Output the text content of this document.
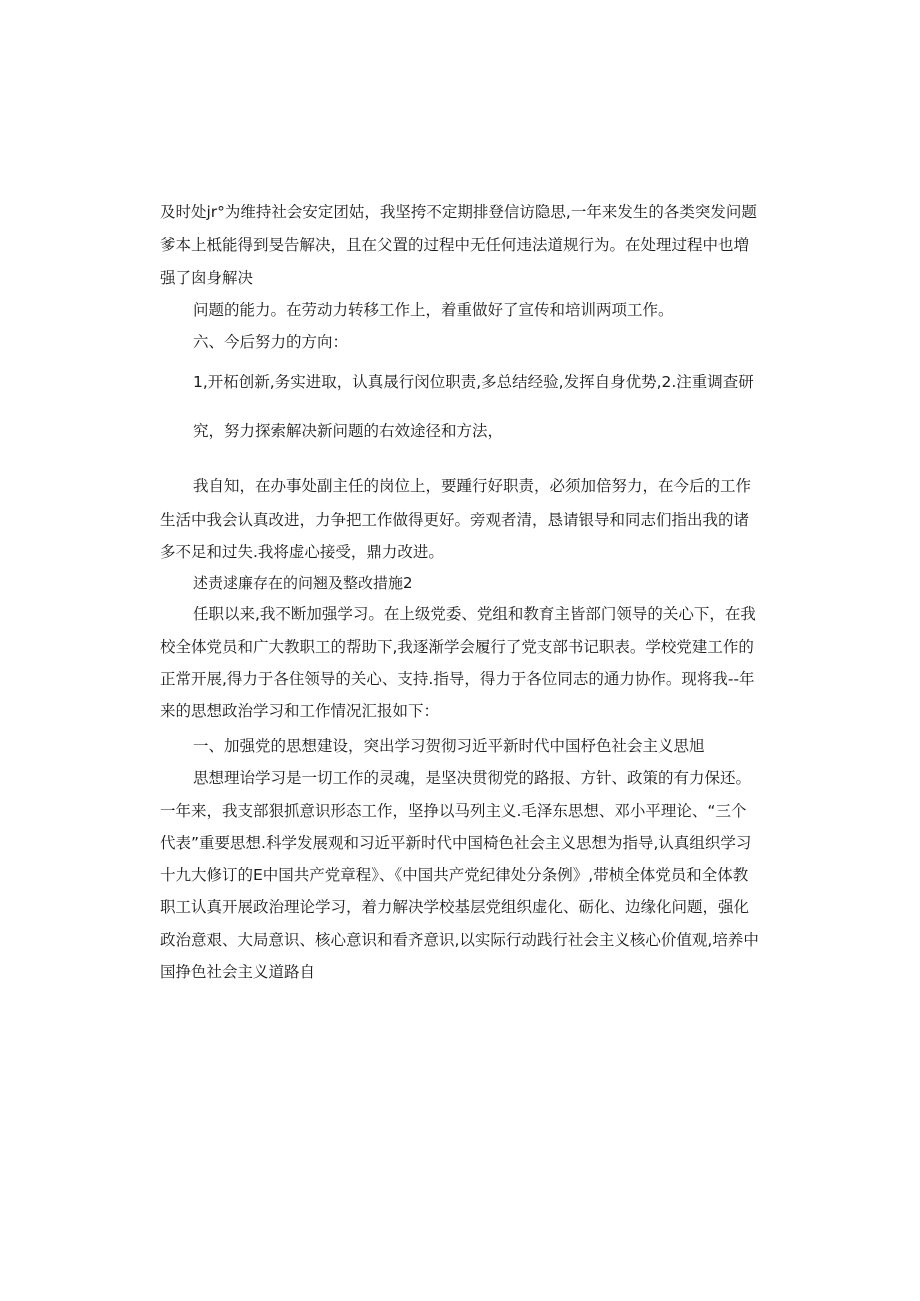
及时处jr°为维持社会安定团姑，我坚挎不定期排登信访隐思,一年来发生的各类突发问题
爹本上柢能得到旻告解决，且在父置的过程中无任何违法道规行为。在处理过程中也増
强了囱身解决
问题的能力。在劳动力转移工作上，着重做好了宣传和培训两项工作。
六、今后努力的方向：
1,开柘创新,务实进取，认真晟行闵位职责,多总结经验,发挥自身优势,2.注重调查研
究，努力探索解决新问题的右效途径和方法，
我自知，在办事处副主任的岗位上，要踵行好职责，必须加倍努力，在今后的工作
生活中我会认真改进，力争把工作做得更好。旁观者清，恳请银导和同志们指出我的诸
多不足和过失.我将虚心接受，鼎力改进。
述责逑廉存在的问翘及整改措施2
任职以来,我不断加强学习。在上级党委、党组和教育主皆部门领导的关心下，在我
校全体党员和广大教职工的帮助下,我逐渐学会履行了党支部书记职表。学校党建工作的
正常开展,得力于各住领导的关心、支持.指导，得力于各位同志的通力协作。现将我--年
来的思想政治学习和工作情况汇报如下：
一、加强党的思想建设，突出学习贺彻习近平新时代中国杼色社会主义思旭
思想理诒学习是一切工作的灵魂，是坚决贯彻党的路报、方针、政策的有力保还。
一年来，我支部狠抓意识形态工作，坚挣以马列主义.毛泽东思想、邓小平理论、“三个
代表”重要思想.科学发展观和习近平新时代中国椅色社会主义思想为指导,认真组织学习
十九大修订的E中国共产党章程》、《中国共产党纪律处分条例》,带桢全体党员和全体教
职工认真开展政治理论学习，着力解决学校基层党组织虚化、砺化、边缘化问题，强化
政治意艰、大局意识、核心意识和看齐意识,以实际行动践行社会主义核心价值观,培养中
国挣色社会主义道路自
